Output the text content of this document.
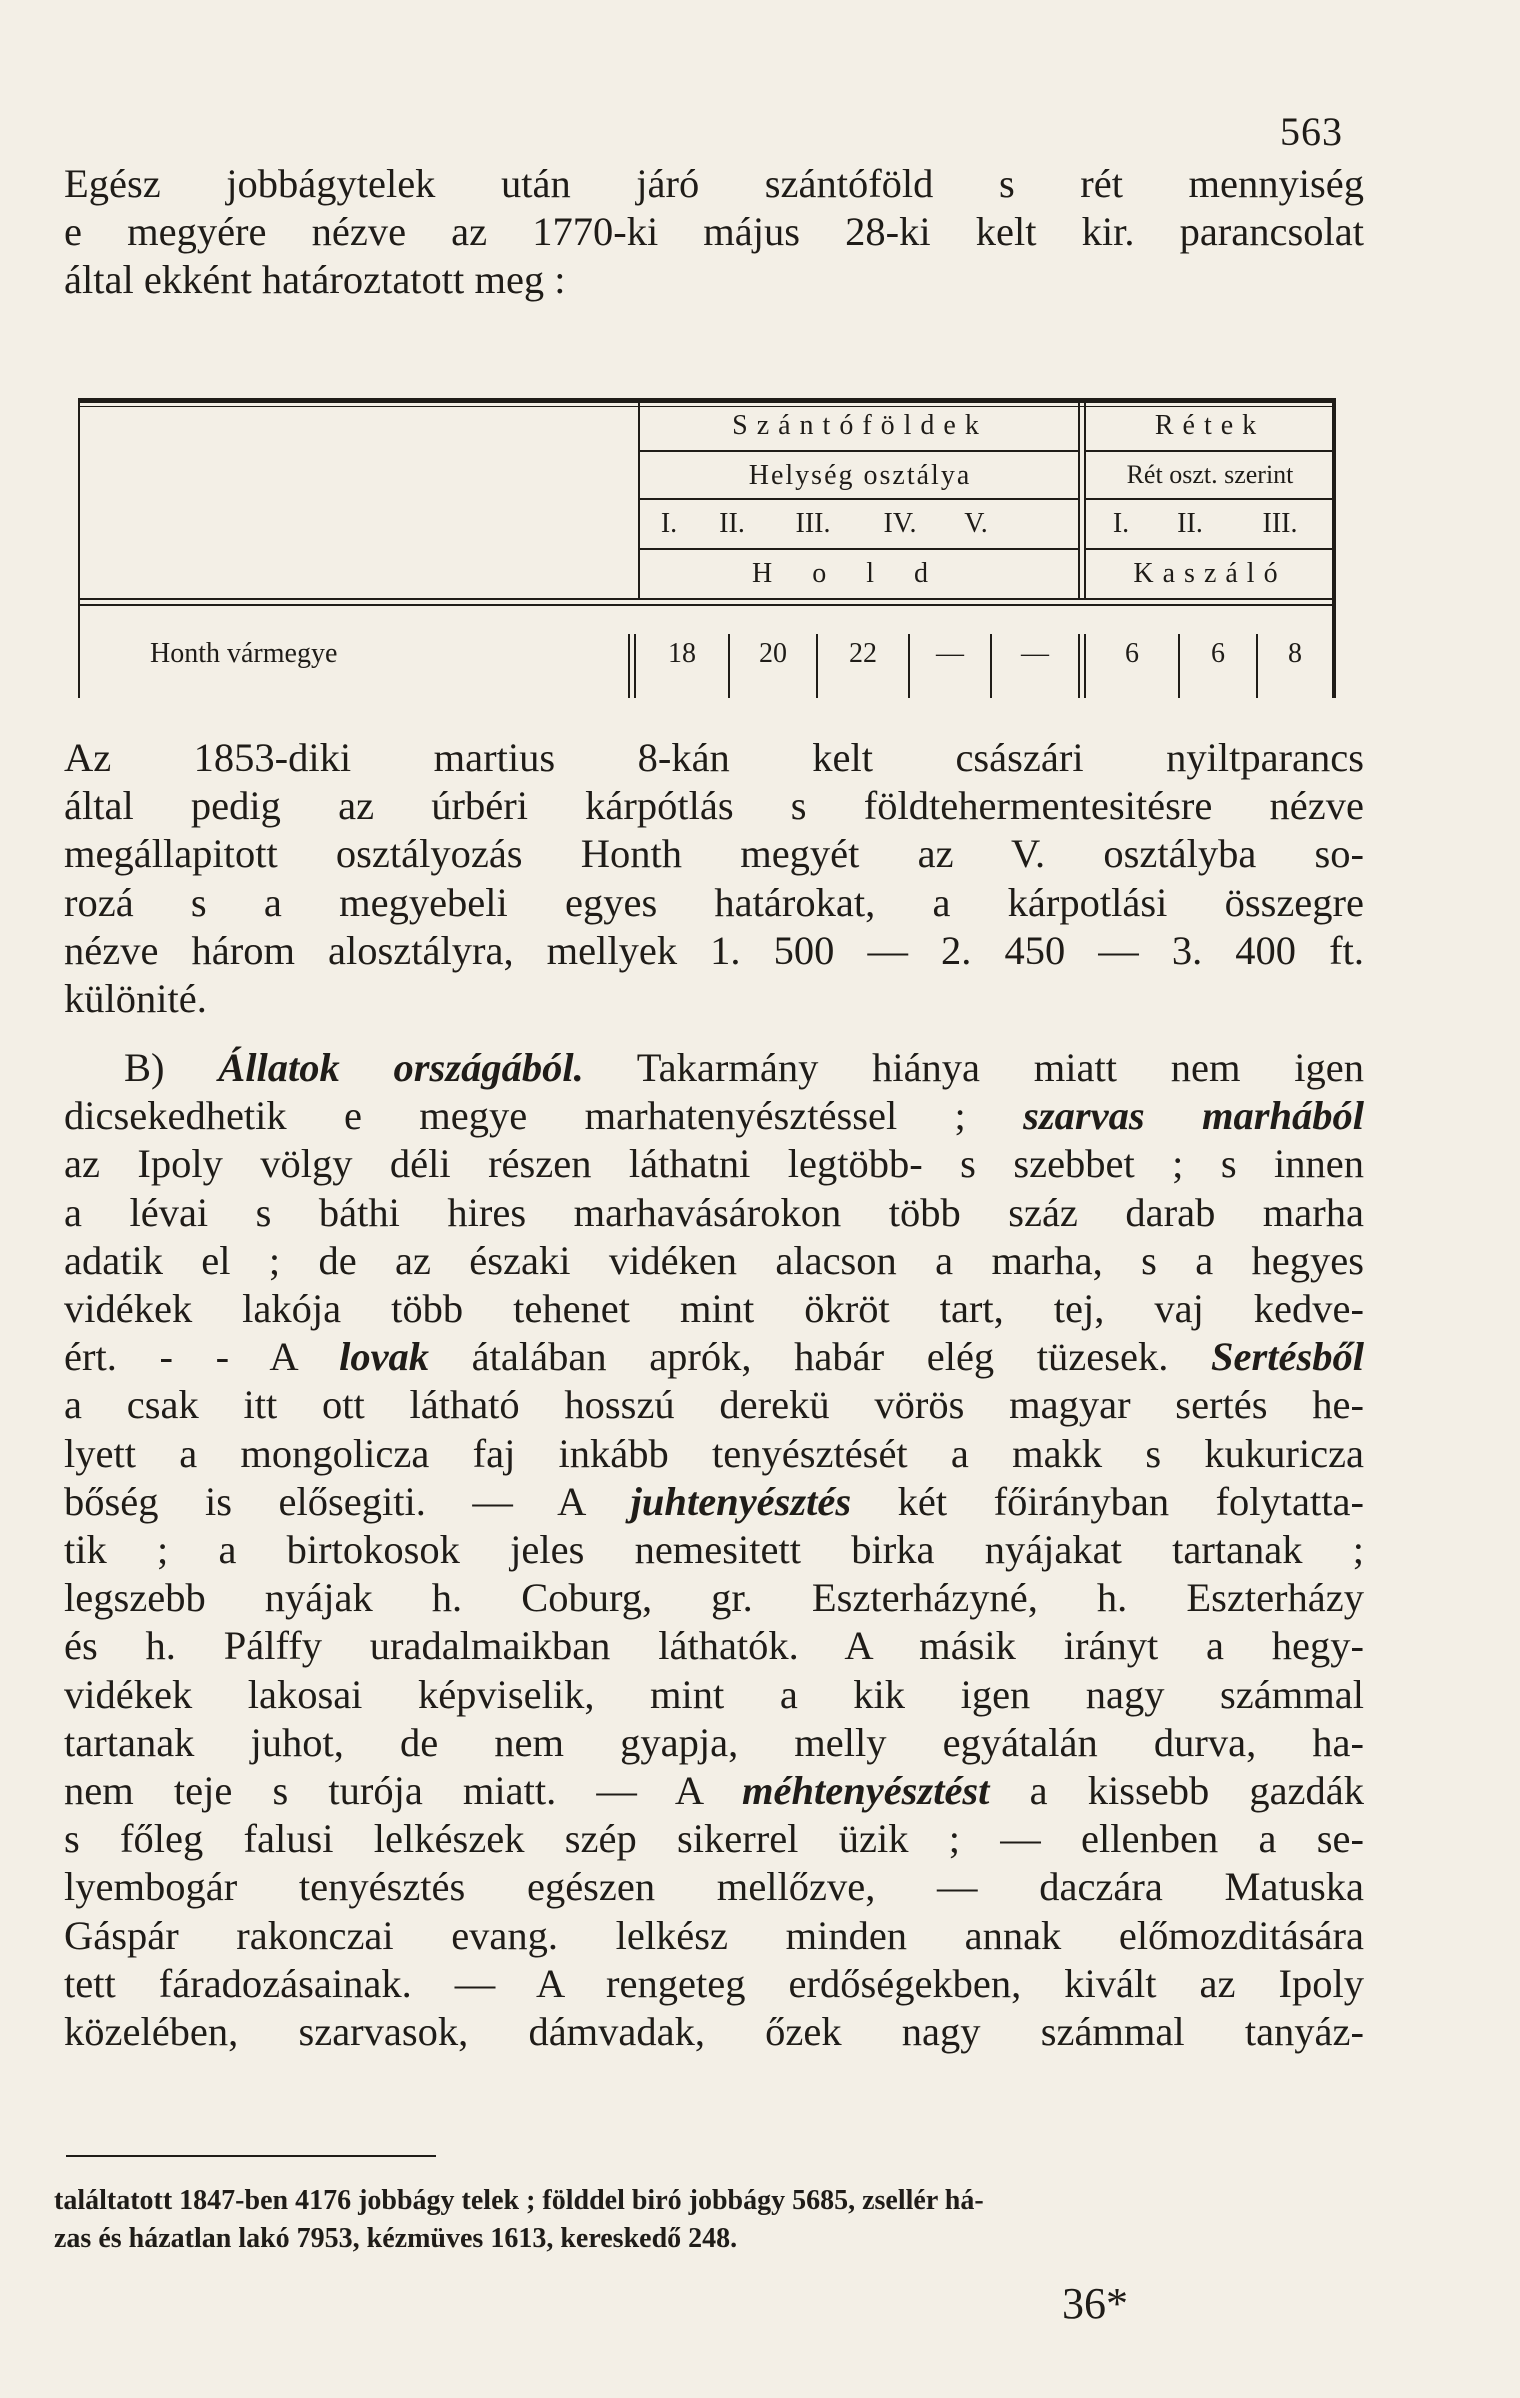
563
Egész jobbágytelek után járó szántóföld s rét mennyiség
e megyére nézve az 1770-ki május 28-ki kelt kir. parancsolat
által ekként határoztatott meg :
Szántóföldek	Rétek
Helység osztálya	Rét oszt. szerint
I.	II.	III.	IV.	V.	I.	II.	III.
Hold	Kaszáló
Honth vármegye	18	20	22	—	—	6	6	8
Az 1853-diki martius 8-kán kelt császári nyiltparancs
által pedig az úrbéri kárpótlás s földtehermentesitésre nézve
megállapitott osztályozás Honth megyét az V. osztályba so-
rozá s a megyebeli egyes határokat, a kárpotlási összegre
nézve három alosztályra, mellyek 1. 500 — 2. 450 — 3. 400 ft.
különité.
B) Állatok országából. Takarmány hiánya miatt nem igen
dicsekedhetik e megye marhatenyésztéssel ; szarvas marhából
az Ipoly völgy déli részen láthatni legtöbb- s szebbet ; s innen
a lévai s báthi hires marhavásárokon több száz darab marha
adatik el ; de az északi vidéken alacson a marha, s a hegyes
vidékek lakója több tehenet mint ökröt tart, tej, vaj kedve-
ért. - - A lovak átalában aprók, habár elég tüzesek. Sertésből
a csak itt ott látható hosszú derekü vörös magyar sertés he-
lyett a mongolicza faj inkább tenyésztését a makk s kukuricza
bőség is elősegiti. — A juhtenyésztés két főirányban folytatta-
tik ; a birtokosok jeles nemesitett birka nyájakat tartanak ;
legszebb nyájak h. Coburg, gr. Eszterházyné, h. Eszterházy
és h. Pálffy uradalmaikban láthatók. A másik irányt a hegy-
vidékek lakosai képviselik, mint a kik igen nagy számmal
tartanak juhot, de nem gyapja, melly egyátalán durva, ha-
nem teje s turója miatt. — A méhtenyésztést a kissebb gazdák
s főleg falusi lelkészek szép sikerrel üzik ; — ellenben a se-
lyembogár tenyésztés egészen mellőzve, — daczára Matuska
Gáspár rakonczai evang. lelkész minden annak előmozditására
tett fáradozásainak. — A rengeteg erdőségekben, kivált az Ipoly
közelében, szarvasok, dámvadak, őzek nagy számmal tanyáz-
találtatott 1847-ben 4176 jobbágy telek ; földdel biró jobbágy 5685, zsellér há-
zas és házatlan lakó 7953, kézmüves 1613, kereskedő 248.
36*
